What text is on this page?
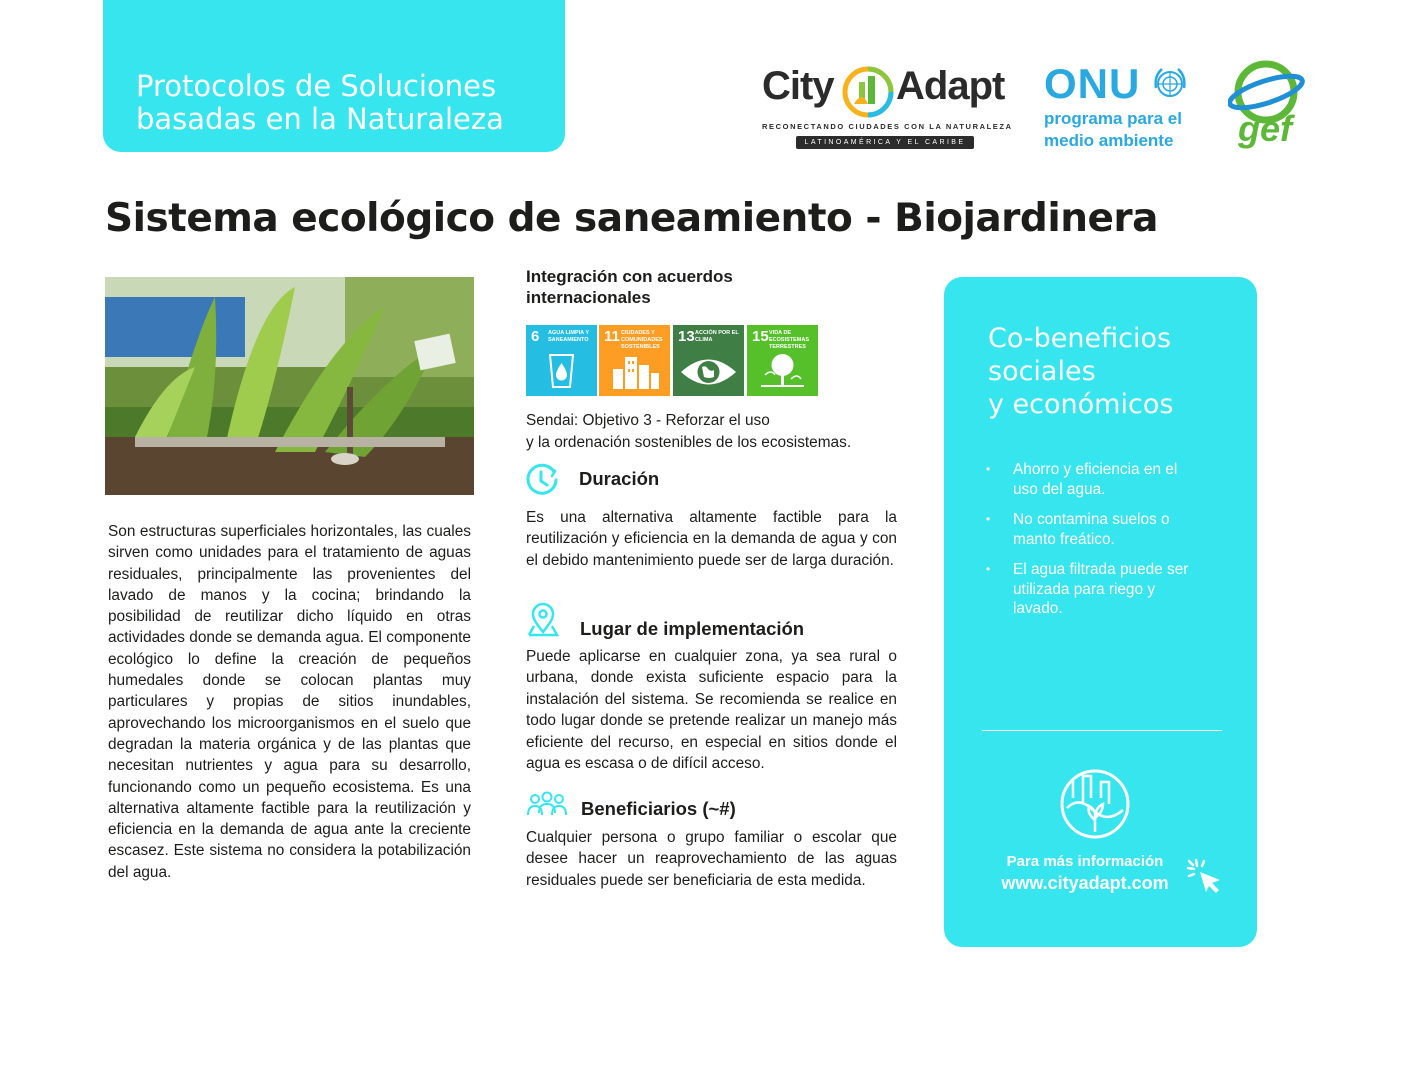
Protocolos de Soluciones
basadas en la Naturaleza
City Adapt
RECONECTANDO CIUDADES CON LA NATURALEZA
LATINOAMÉRICA Y EL CARIBE
ONU
programa para el
medio ambiente	gef
Sistema ecológico de saneamiento - Biojardinera
Son estructuras superficiales horizontales, las cuales sirven como unidades para el tratamiento de aguas residuales, principalmente las provenientes del lavado de manos y la cocina; brindando la posibilidad de reutilizar dicho líquido en otras actividades donde se demanda agua. El componente ecológico lo define la creación de pequeños humedales donde se colocan plantas muy particulares y propias de sitios inundables, aprovechando los microorganismos en el suelo que degradan la materia orgánica y de las plantas que necesitan nutrientes y agua para su desarrollo, funcionando como un pequeño ecosistema. Es una alternativa altamente factible para la reutilización y eficiencia en la demanda de agua ante la creciente escasez. Este sistema no considera la potabilización del agua.
Integración con acuerdos
internacionales
6 AGUA LIMPIA Y SANEAMIENTO	11 CIUDADES Y COMUNIDADES SOSTENIBLES
13 ACCIÓN POR EL CLIMA	15 VIDA DE ECOSISTEMAS TERRESTRES
Sendai: Objetivo 3 - Reforzar el uso
y la ordenación sostenibles de los ecosistemas.
Duración
Es una alternativa altamente factible para la reutilización y eficiencia en la demanda de agua y con el debido mantenimiento puede ser de larga duración.
Lugar de implementación
Puede aplicarse en cualquier zona, ya sea rural o urbana, donde exista suficiente espacio para la instalación del sistema. Se recomienda se realice en todo lugar donde se pretende realizar un manejo más eficiente del recurso, en especial en sitios donde el agua es escasa o de difícil acceso.
Beneficiarios (~#)
Cualquier persona o grupo familiar o escolar que desee hacer un reaprovechamiento de las aguas residuales puede ser beneficiaria de esta medida.
Co-beneficios
sociales
y económicos
• Ahorro y eficiencia en el uso del agua.
• No contamina suelos o manto freático.
• El agua filtrada puede ser utilizada para riego y lavado.
Para más información
www.cityadapt.com
